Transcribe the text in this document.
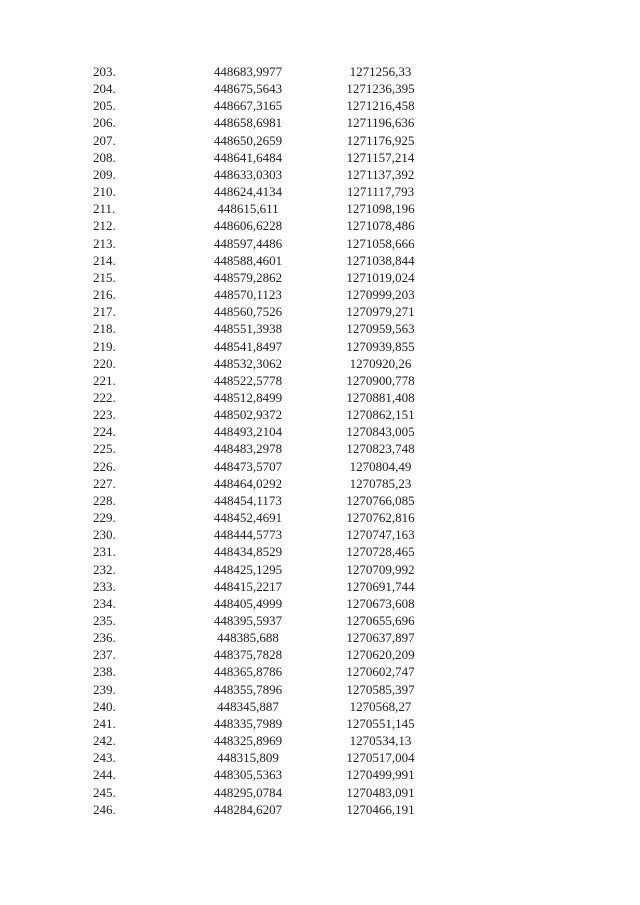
203.	448683,9977	1271256,33
204.	448675,5643	1271236,395
205.	448667,3165	1271216,458
206.	448658,6981	1271196,636
207.	448650,2659	1271176,925
208.	448641,6484	1271157,214
209.	448633,0303	1271137,392
210.	448624,4134	1271117,793
211.	448615,611	1271098,196
212.	448606,6228	1271078,486
213.	448597,4486	1271058,666
214.	448588,4601	1271038,844
215.	448579,2862	1271019,024
216.	448570,1123	1270999,203
217.	448560,7526	1270979,271
218.	448551,3938	1270959,563
219.	448541,8497	1270939,855
220.	448532,3062	1270920,26
221.	448522,5778	1270900,778
222.	448512,8499	1270881,408
223.	448502,9372	1270862,151
224.	448493,2104	1270843,005
225.	448483,2978	1270823,748
226.	448473,5707	1270804,49
227.	448464,0292	1270785,23
228.	448454,1173	1270766,085
229.	448452,4691	1270762,816
230.	448444,5773	1270747,163
231.	448434,8529	1270728,465
232.	448425,1295	1270709,992
233.	448415,2217	1270691,744
234.	448405,4999	1270673,608
235.	448395,5937	1270655,696
236.	448385,688	1270637,897
237.	448375,7828	1270620,209
238.	448365,8786	1270602,747
239.	448355,7896	1270585,397
240.	448345,887	1270568,27
241.	448335,7989	1270551,145
242.	448325,8969	1270534,13
243.	448315,809	1270517,004
244.	448305,5363	1270499,991
245.	448295,0784	1270483,091
246.	448284,6207	1270466,191
